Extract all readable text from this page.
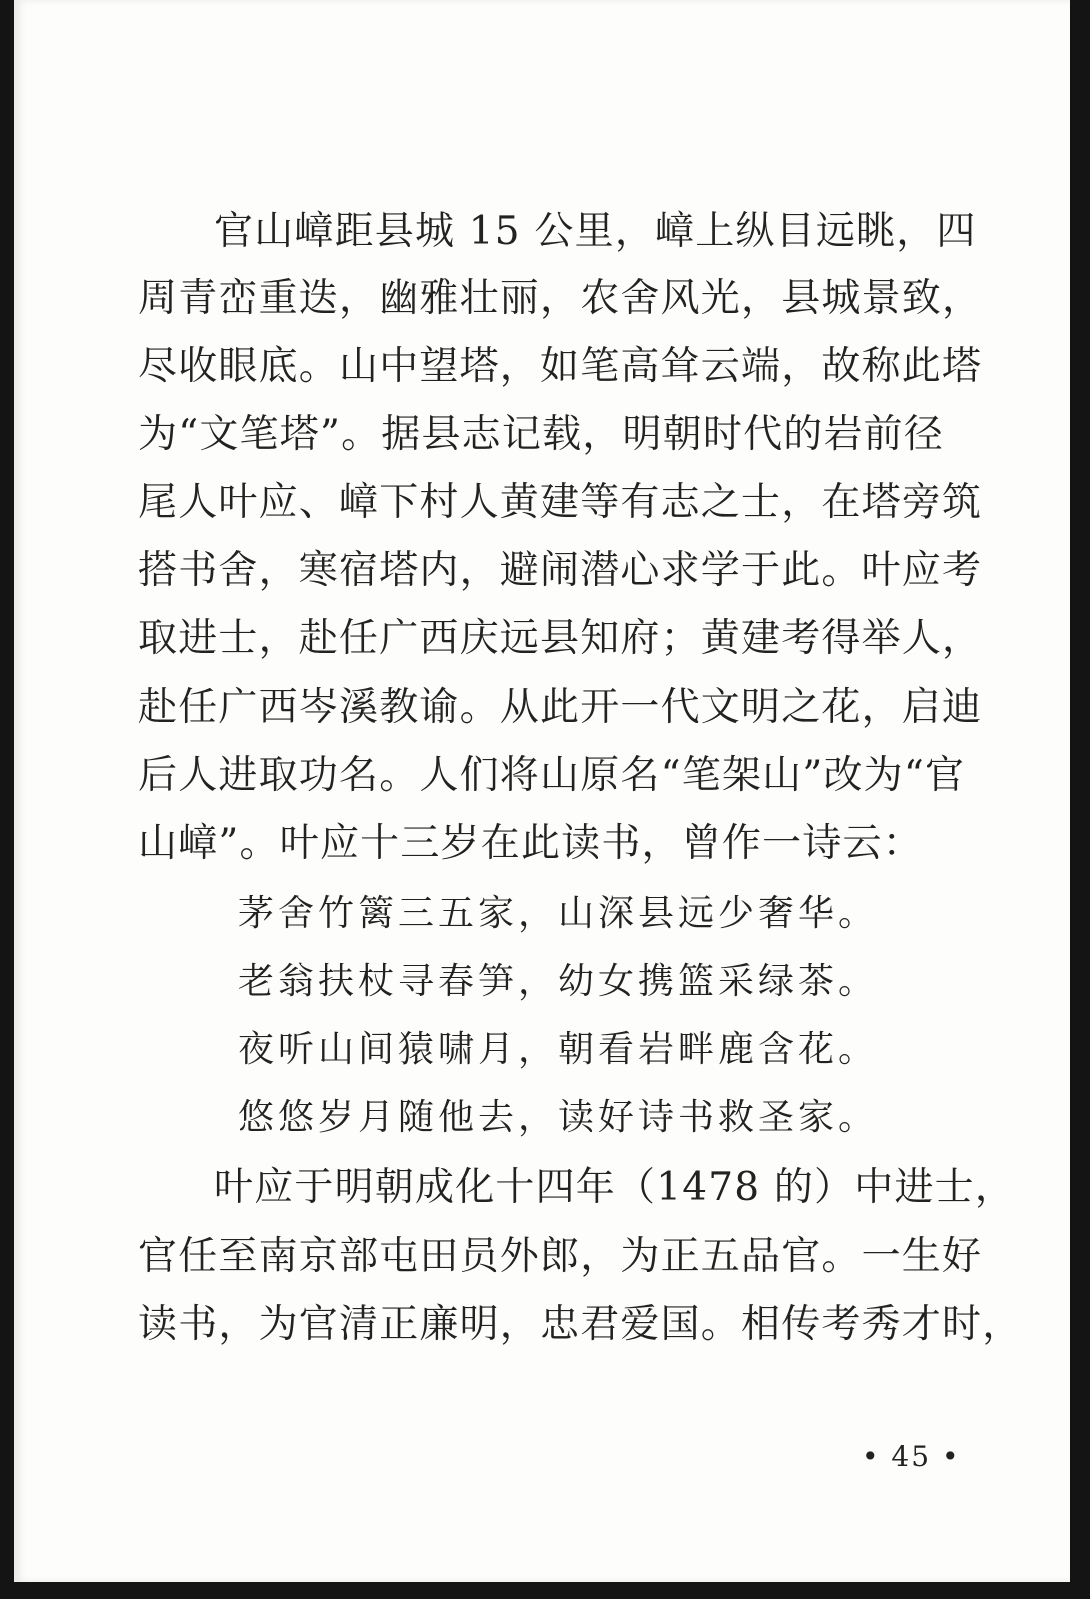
官山嶂距县城 15 公里，嶂上纵目远眺，四
周青峦重迭，幽雅壮丽，农舍风光，县城景致，
尽收眼底。山中望塔，如笔高耸云端，故称此塔
为“文笔塔”。据县志记载，明朝时代的岩前径
尾人叶应、嶂下村人黄建等有志之士，在塔旁筑
搭书舍，寒宿塔内，避闹潜心求学于此。叶应考
取进士，赴任广西庆远县知府；黄建考得举人，
赴任广西岑溪教谕。从此开一代文明之花，启迪
后人进取功名。人们将山原名“笔架山”改为“官
山嶂”。叶应十三岁在此读书，曾作一诗云：
茅舍竹篱三五家，山深县远少奢华。
老翁扶杖寻春笋，幼女携篮采绿茶。
夜听山间猿啸月，朝看岩畔鹿含花。
悠悠岁月随他去，读好诗书救圣家。
叶应于明朝成化十四年（1478 的）中进士，
官任至南京部屯田员外郎，为正五品官。一生好
读书，为官清正廉明，忠君爱国。相传考秀才时，
• 45 •
